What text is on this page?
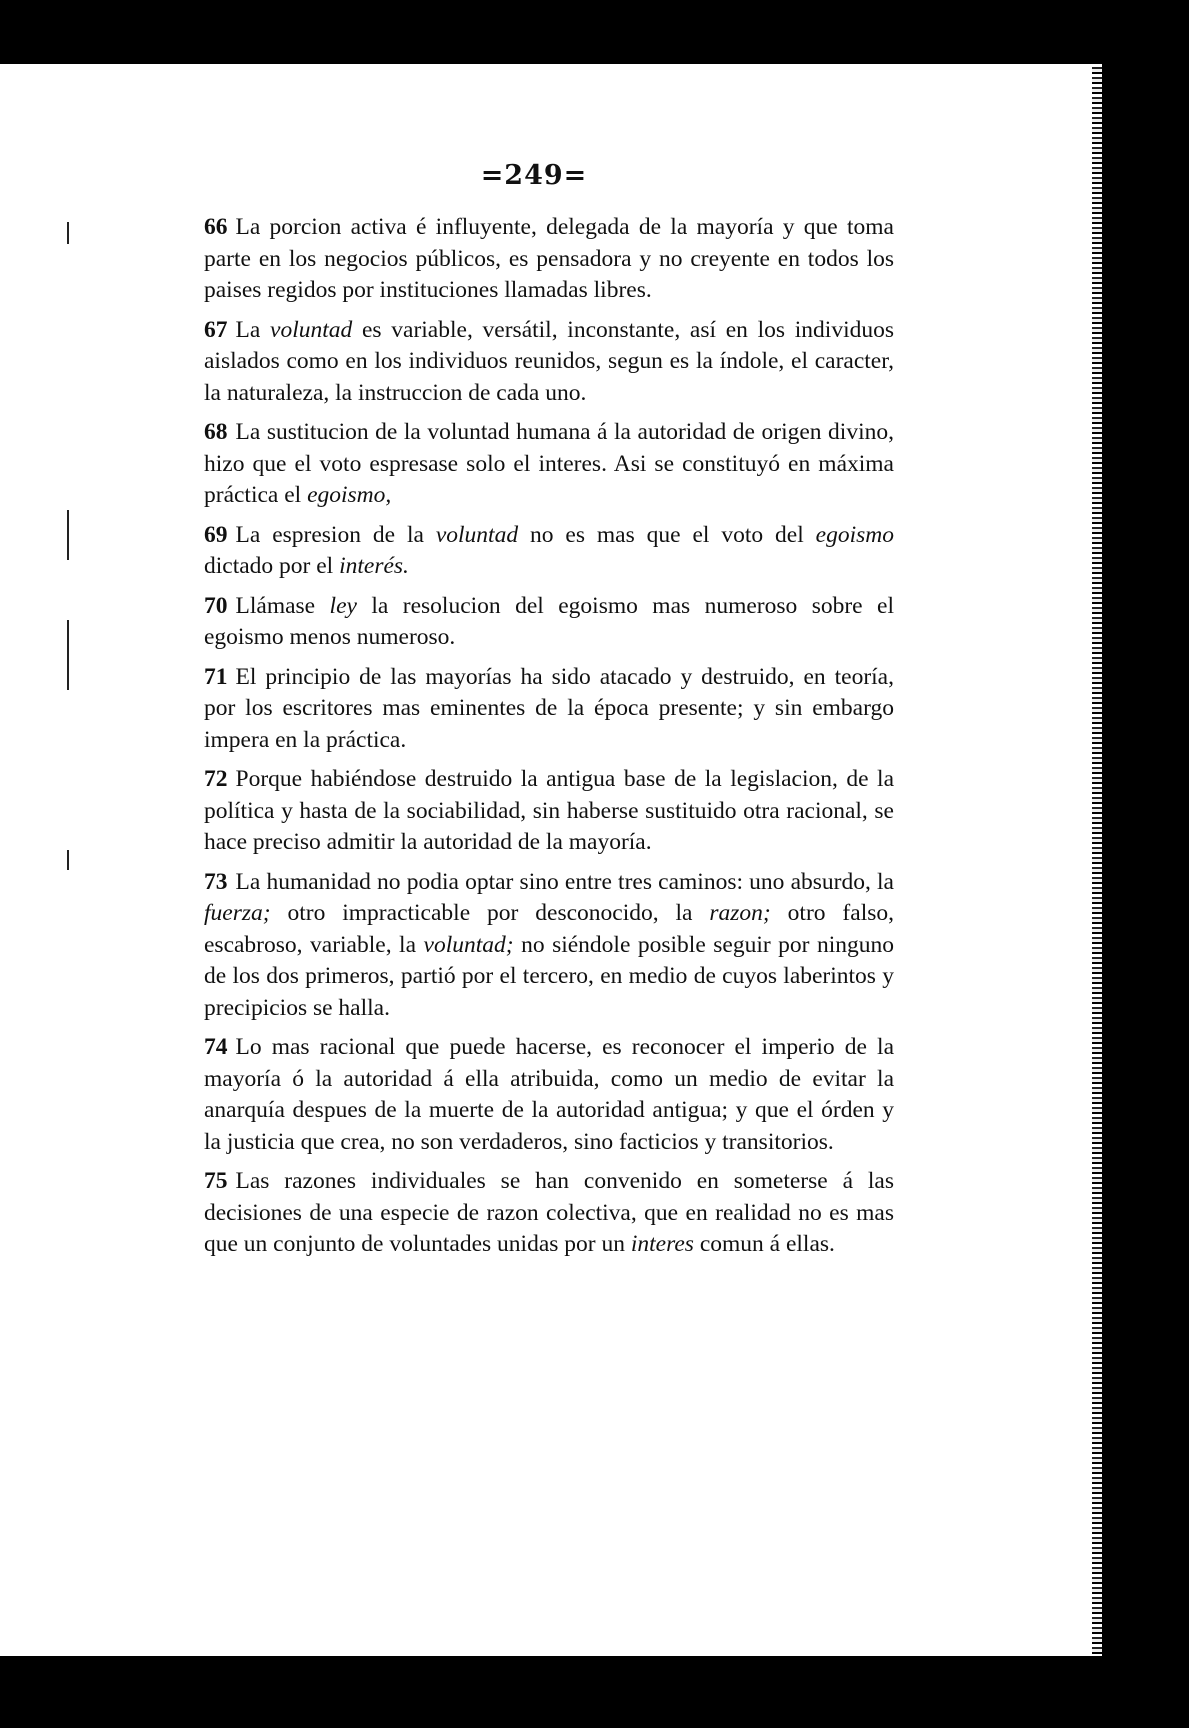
=249=

66 La porcion activa é influyente, delegada de la mayoría y que toma parte en los negocios públicos, es pensadora y no creyente en todos los paises regidos por instituciones llamadas libres.

67 La voluntad es variable, versátil, inconstante, así en los individuos aislados como en los individuos reunidos, segun es la índole, el caracter, la naturaleza, la instruccion de cada uno.

68 La sustitucion de la voluntad humana á la autoridad de origen divino, hizo que el voto espresase solo el interes. Asi se constituyó en máxima práctica el egoismo,

69 La espresion de la voluntad no es mas que el voto del egoismo dictado por el interés.

70 Llámase ley la resolucion del egoismo mas numeroso sobre el egoismo menos numeroso.

71 El principio de las mayorías ha sido atacado y destruido, en teoría, por los escritores mas eminentes de la época presente; y sin embargo impera en la práctica.

72 Porque habiéndose destruido la antigua base de la legislacion, de la política y hasta de la sociabilidad, sin haberse sustituido otra racional, se hace preciso admitir la autoridad de la mayoría.

73 La humanidad no podia optar sino entre tres caminos: uno absurdo, la fuerza; otro impracticable por desconocido, la razon; otro falso, escabroso, variable, la voluntad; no siéndole posible seguir por ninguno de los dos primeros, partió por el tercero, en medio de cuyos laberintos y precipicios se halla.

74 Lo mas racional que puede hacerse, es reconocer el imperio de la mayoría ó la autoridad á ella atribuida, como un medio de evitar la anarquía despues de la muerte de la autoridad antigua; y que el órden y la justicia que crea, no son verdaderos, sino facticios y transitorios.

75 Las razones individuales se han convenido en someterse á las decisiones de una especie de razon colectiva, que en realidad no es mas que un conjunto de voluntades unidas por un interes comun á ellas.
